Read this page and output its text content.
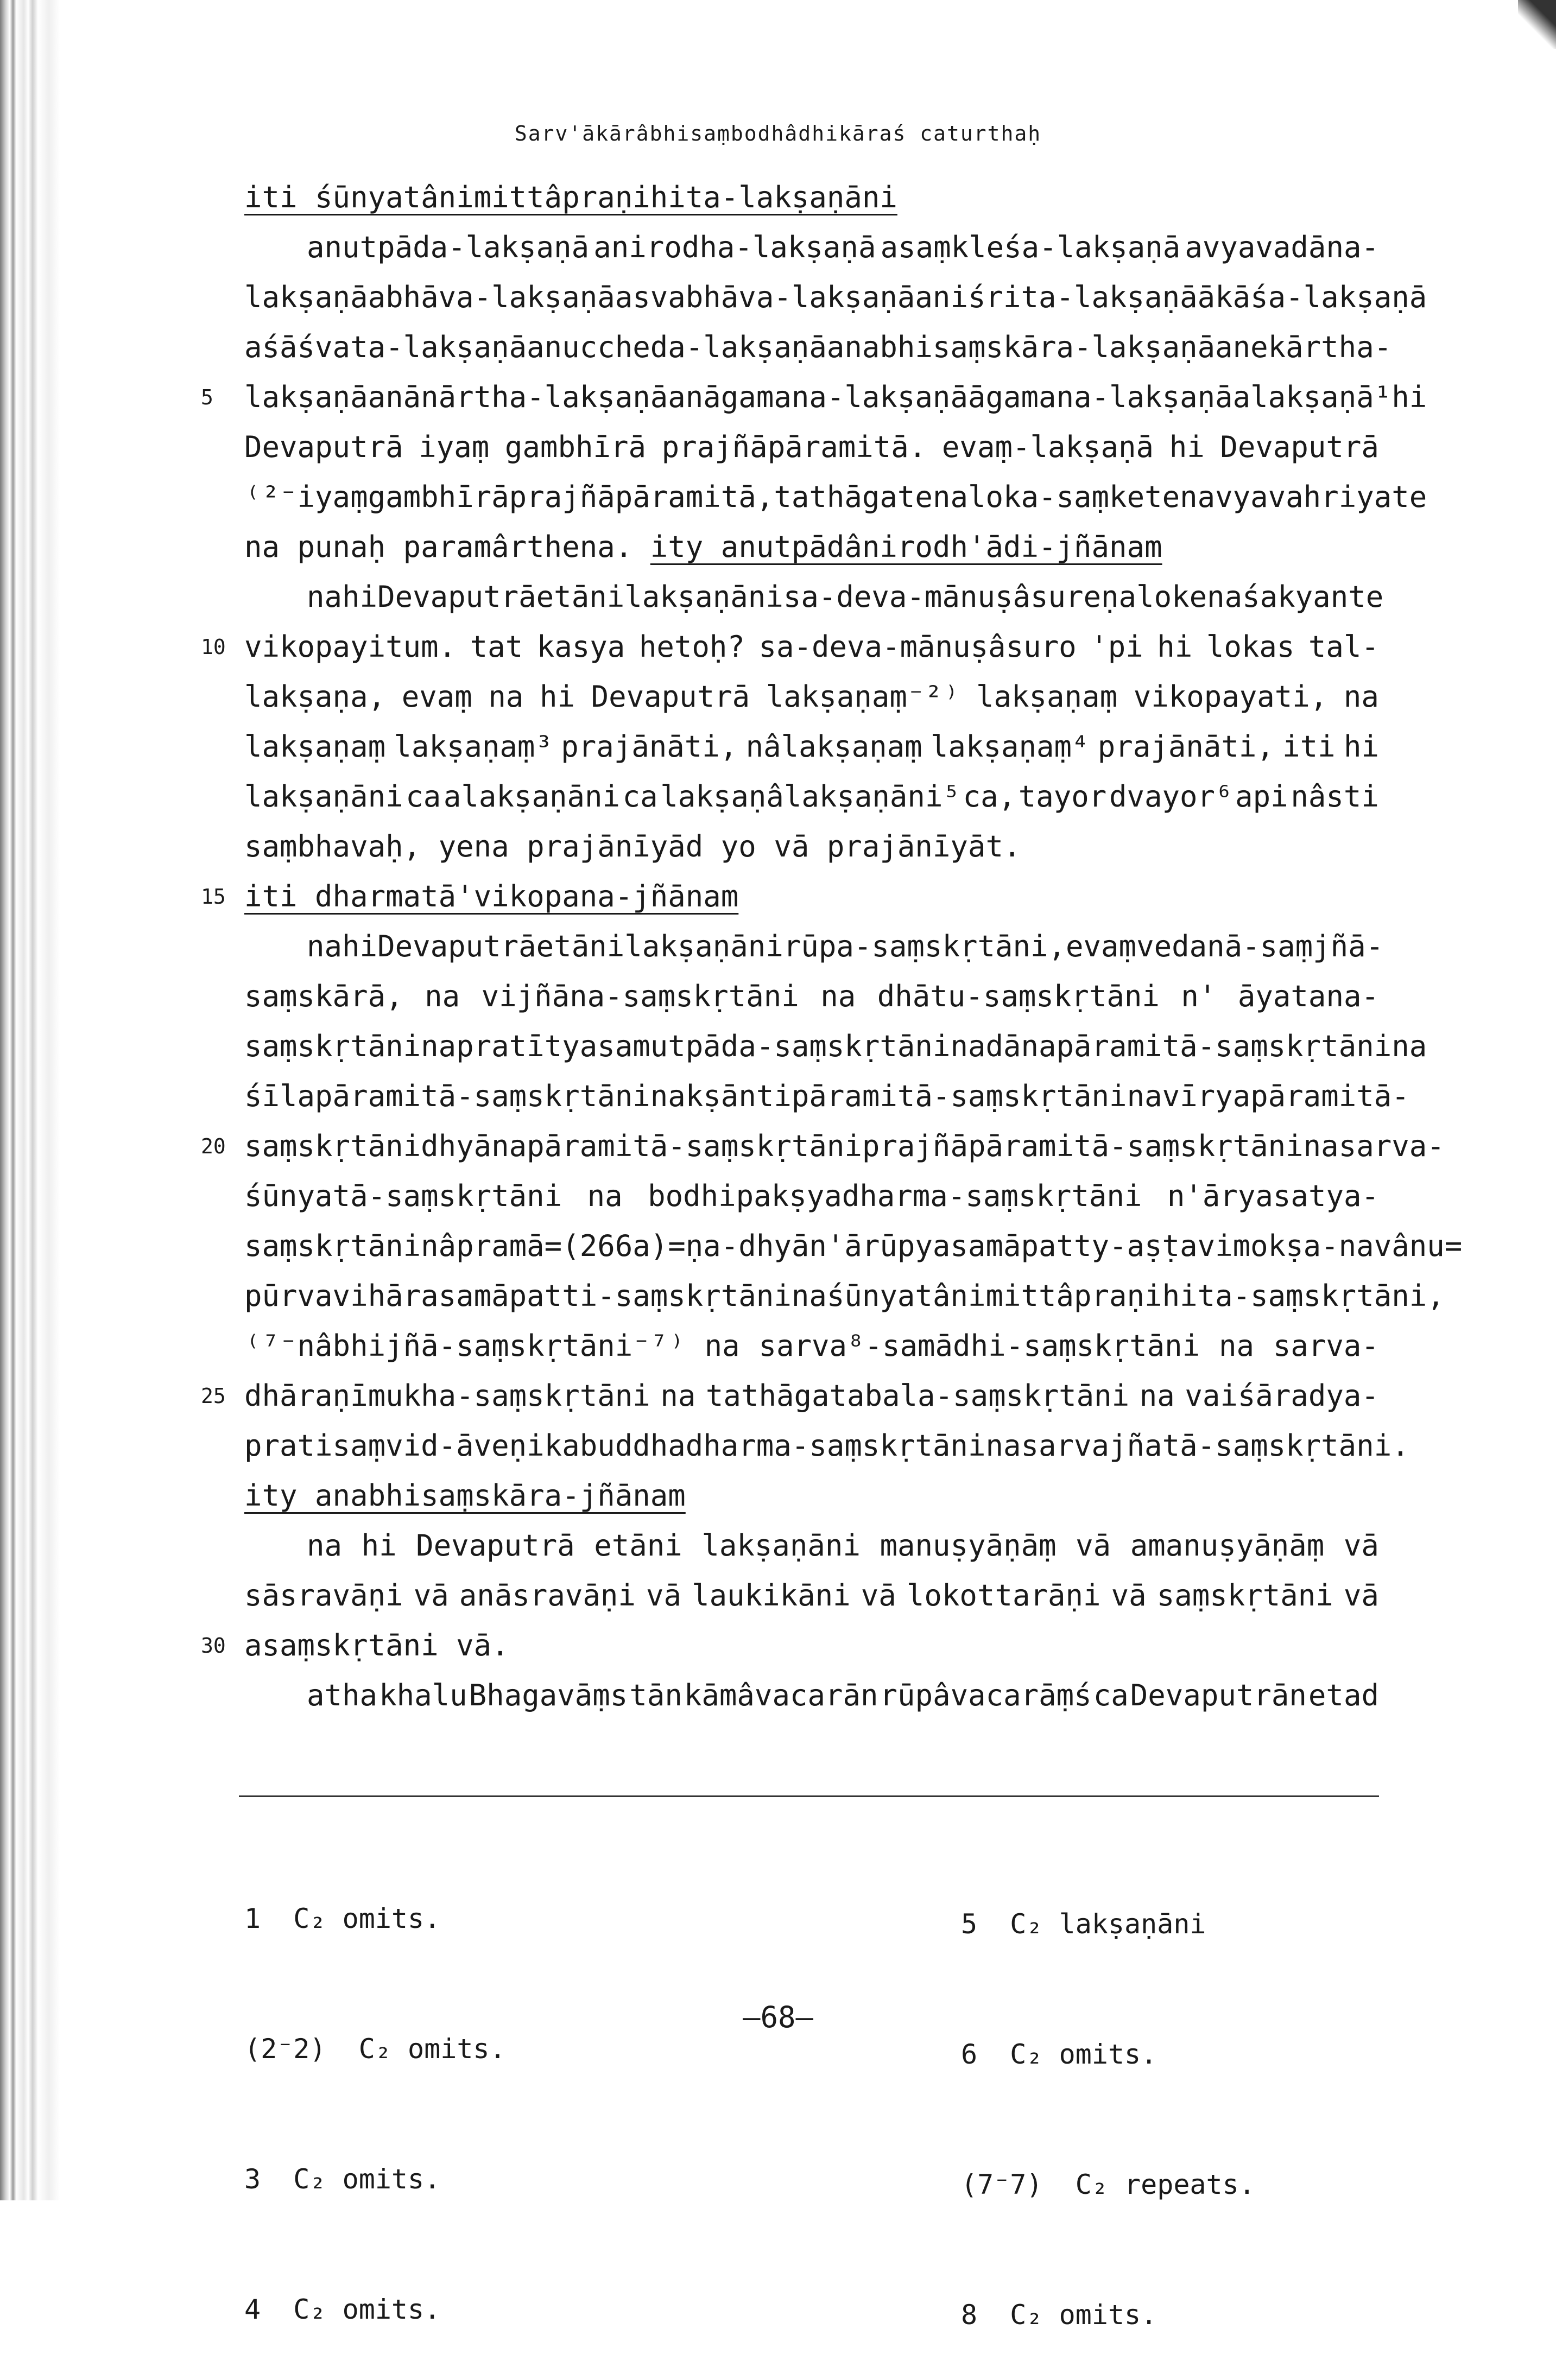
Sarv'ākārâbhisaṃbodhâdhikāraś caturthaḥ
iti śūnyatânimittâpraṇihita-lakṣaṇāni
anutpāda-lakṣaṇā anirodha-lakṣaṇā asaṃkleśa-lakṣaṇā avyavadāna-
lakṣaṇā abhāva-lakṣaṇā asvabhāva-lakṣaṇā aniśrita-lakṣaṇā ākāśa-lakṣaṇā
aśāśvata-lakṣaṇā anuccheda-lakṣaṇā anabhisaṃskāra-lakṣaṇā anekārtha-
5 lakṣaṇā anānārtha-lakṣaṇā anāgamana-lakṣaṇā āgamana-lakṣaṇā alakṣaṇā¹ hi
Devaputrā iyaṃ gambhīrā prajñāpāramitā. evaṃ-lakṣaṇā hi Devaputrā
⁽²⁻iyaṃ gambhīrā prajñāpāramitā, tathāgatena loka-saṃketena vyavahriyate
na punaḥ paramârthena. ity anutpādânirodh'ādi-jñānam
na hi Devaputrā etāni lakṣaṇāni sa-deva-mānuṣâsureṇa lokena śakyante
10 vikopayitum. tat kasya hetoḥ? sa-deva-mānuṣâsuro 'pi hi lokas tal-
lakṣaṇa, evaṃ na hi Devaputrā lakṣaṇaṃ⁻²⁾ lakṣaṇaṃ vikopayati, na
lakṣaṇaṃ lakṣaṇaṃ³ prajānāti, nâlakṣaṇaṃ lakṣaṇaṃ⁴ prajānāti, iti hi
lakṣaṇāni ca alakṣaṇāni ca lakṣaṇâlakṣaṇāni⁵ ca, tayor dvayor⁶ api nâsti
saṃbhavaḥ, yena prajānīyād yo vā prajānīyāt.
15 iti dharmatā'vikopana-jñānam
na hi Devaputrā etāni lakṣaṇāni rūpa-saṃskṛtāni, evaṃ vedanā-saṃjñā-
saṃskārā, na vijñāna-saṃskṛtāni na dhātu-saṃskṛtāni n' āyatana-
saṃskṛtāni na pratītyasamutpāda-saṃskṛtāni na dānapāramitā-saṃskṛtāni na
śīlapāramitā-saṃskṛtāni na kṣāntipāramitā-saṃskṛtāni na vīryapāramitā-
20 saṃskṛtāni dhyānapāramitā-saṃskṛtāni prajñāpāramitā-saṃskṛtāni na sarva-
śūnyatā-saṃskṛtāni na bodhipakṣyadharma-saṃskṛtāni n'āryasatya-
saṃskṛtāni nâpramā=(266a)=ṇa-dhyān'ārūpyasamāpatty-aṣṭavimokṣa-navânu=
pūrvavihārasamāpatti-saṃskṛtāni na śūnyatânimittâpraṇihita-saṃskṛtāni,
⁽⁷⁻nâbhijñā-saṃskṛtāni⁻⁷⁾ na sarva⁸-samādhi-saṃskṛtāni na sarva-
25 dhāraṇīmukha-saṃskṛtāni na tathāgatabala-saṃskṛtāni na vaiśāradya-
pratisaṃvid-āveṇikabuddhadharma-saṃskṛtāni na sarvajñatā-saṃskṛtāni.
ity anabhisaṃskāra-jñānam
na hi Devaputrā etāni lakṣaṇāni manuṣyāṇāṃ vā amanuṣyāṇāṃ vā
sāsravāṇi vā anāsravāṇi vā laukikāni vā lokottarāṇi vā saṃskṛtāni vā
30 asaṃskṛtāni vā.
atha khalu Bhagavāṃs tān kāmâvacarān rūpâvacarāṃś ca Devaputrān etad

1  C₂ omits.

(2⁻2)  C₂ omits.

3  C₂ omits.

4  C₂ omits.

5  C₂ lakṣaṇāni

6  C₂ omits.

(7⁻7)  C₂ repeats.

8  C₂ omits.

—68—
